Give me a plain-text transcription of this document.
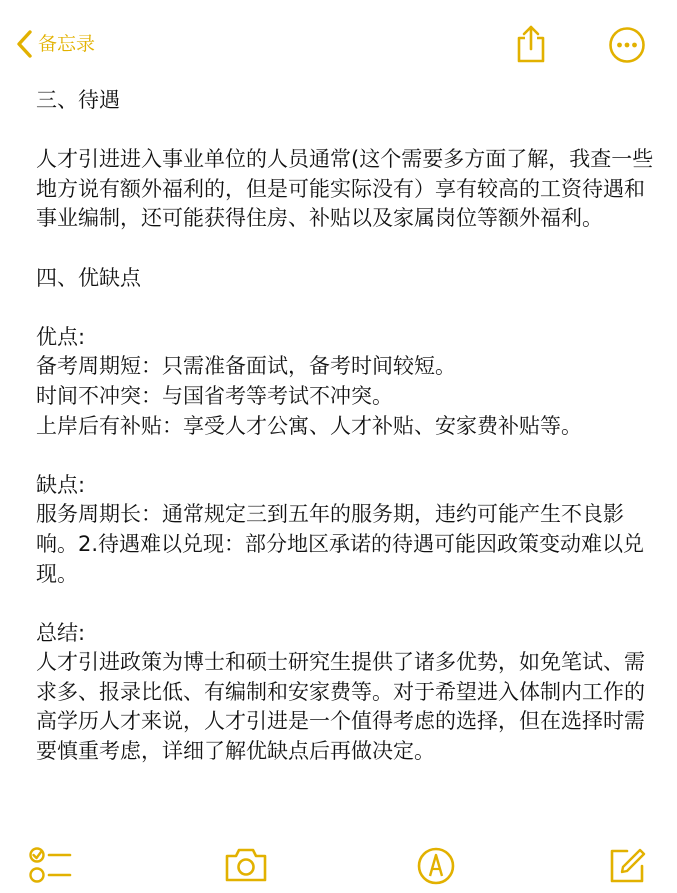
备忘录

三、待遇

人才引进进入事业单位的人员通常(这个需要多方面了解，我查一些地方说有额外福利的，但是可能实际没有）享有较高的工资待遇和事业编制，还可能获得住房、补贴以及家属岗位等额外福利。

四、优缺点

优点:

备考周期短：只需准备面试，备考时间较短。

时间不冲突：与国省考等考试不冲突。

上岸后有补贴：享受人才公寓、人才补贴、安家费补贴等。

缺点:

服务周期长：通常规定三到五年的服务期，违约可能产生不良影响。2.待遇难以兑现：部分地区承诺的待遇可能因政策变动难以兑现。

总结:

人才引进政策为博士和硕士研究生提供了诸多优势，如免笔试、需求多、报录比低、有编制和安家费等。对于希望进入体制内工作的高学历人才来说，人才引进是一个值得考虑的选择，但在选择时需要慎重考虑，详细了解优缺点后再做决定。
